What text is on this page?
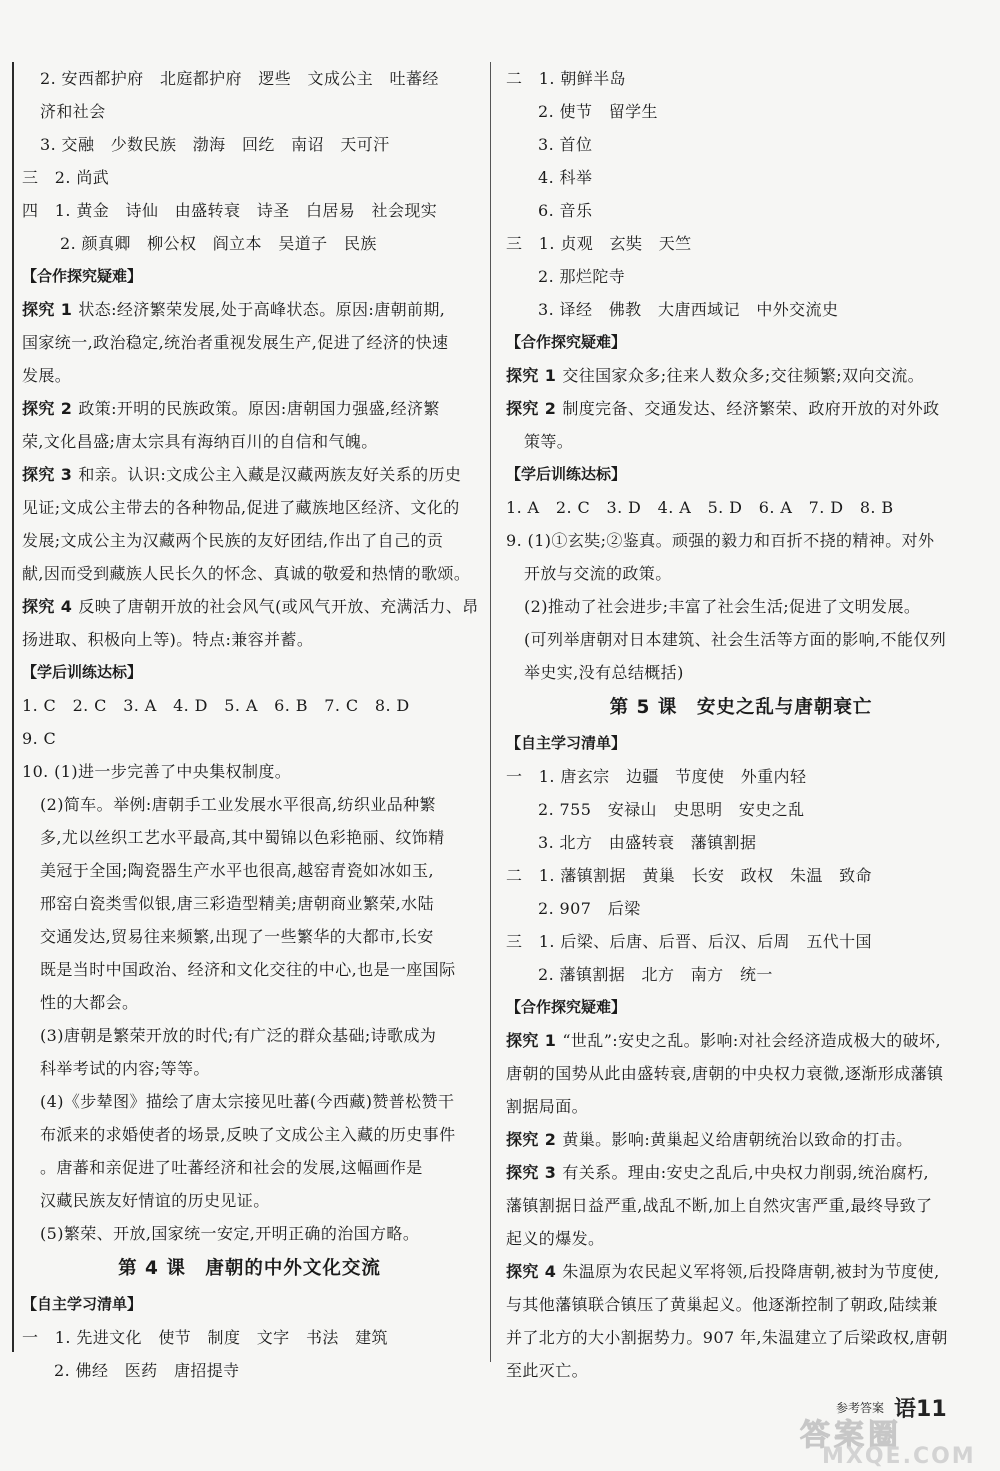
2. 安西都护府　北庭都护府　逻些　文成公主　吐蕃经
济和社会
3. 交融　少数民族　渤海　回纥　南诏　天可汗
三　2. 尚武
四　1. 黄金　诗仙　由盛转衰　诗圣　白居易　社会现实
2. 颜真卿　柳公权　阎立本　吴道子　民族
【合作探究疑难】
探究 1 状态:经济繁荣发展,处于高峰状态。原因:唐朝前期,
国家统一,政治稳定,统治者重视发展生产,促进了经济的快速
发展。
探究 2 政策:开明的民族政策。原因:唐朝国力强盛,经济繁
荣,文化昌盛;唐太宗具有海纳百川的自信和气魄。
探究 3 和亲。认识:文成公主入藏是汉藏两族友好关系的历史
见证;文成公主带去的各种物品,促进了藏族地区经济、文化的
发展;文成公主为汉藏两个民族的友好团结,作出了自己的贡
献,因而受到藏族人民长久的怀念、真诚的敬爱和热情的歌颂。
探究 4 反映了唐朝开放的社会风气(或风气开放、充满活力、昂
扬进取、积极向上等)。特点:兼容并蓄。
【学后训练达标】
1. C　2. C　3. A　4. D　5. A　6. B　7. C　8. D
9. C
10. (1)进一步完善了中央集权制度。
(2)简车。举例:唐朝手工业发展水平很高,纺织业品种繁
多,尤以丝织工艺水平最高,其中蜀锦以色彩艳丽、纹饰精
美冠于全国;陶瓷器生产水平也很高,越窑青瓷如冰如玉,
邢窑白瓷类雪似银,唐三彩造型精美;唐朝商业繁荣,水陆
交通发达,贸易往来频繁,出现了一些繁华的大都市,长安
既是当时中国政治、经济和文化交往的中心,也是一座国际
性的大都会。
(3)唐朝是繁荣开放的时代;有广泛的群众基础;诗歌成为
科举考试的内容;等等。
(4)《步辇图》描绘了唐太宗接见吐蕃(今西藏)赞普松赞干
布派来的求婚使者的场景,反映了文成公主入藏的历史事件
。唐蕃和亲促进了吐蕃经济和社会的发展,这幅画作是
汉藏民族友好情谊的历史见证。
(5)繁荣、开放,国家统一安定,开明正确的治国方略。
第 4 课　唐朝的中外文化交流
【自主学习清单】
一　1. 先进文化　使节　制度　文字　书法　建筑
2. 佛经　医药　唐招提寺
二　1. 朝鲜半岛
2. 使节　留学生
3. 首位
4. 科举
6. 音乐
三　1. 贞观　玄奘　天竺
2. 那烂陀寺
3. 译经　佛教　大唐西域记　中外交流史
【合作探究疑难】
探究 1 交往国家众多;往来人数众多;交往频繁;双向交流。
探究 2 制度完备、交通发达、经济繁荣、政府开放的对外政
策等。
【学后训练达标】
1. A　2. C　3. D　4. A　5. D　6. A　7. D　8. B
9. (1)①玄奘;②鉴真。顽强的毅力和百折不挠的精神。对外
开放与交流的政策。
(2)推动了社会进步;丰富了社会生活;促进了文明发展。
(可列举唐朝对日本建筑、社会生活等方面的影响,不能仅列
举史实,没有总结概括)
第 5 课　安史之乱与唐朝衰亡
【自主学习清单】
一　1. 唐玄宗　边疆　节度使　外重内轻
2. 755　安禄山　史思明　安史之乱
3. 北方　由盛转衰　藩镇割据
二　1. 藩镇割据　黄巢　长安　政权　朱温　致命
2. 907　后梁
三　1. 后梁、后唐、后晋、后汉、后周　五代十国
2. 藩镇割据　北方　南方　统一
【合作探究疑难】
探究 1 “世乱”:安史之乱。影响:对社会经济造成极大的破坏,
唐朝的国势从此由盛转衰,唐朝的中央权力衰微,逐渐形成藩镇
割据局面。
探究 2 黄巢。影响:黄巢起义给唐朝统治以致命的打击。
探究 3 有关系。理由:安史之乱后,中央权力削弱,统治腐朽,
藩镇割据日益严重,战乱不断,加上自然灾害严重,最终导致了
起义的爆发。
探究 4 朱温原为农民起义军将领,后投降唐朝,被封为节度使,
与其他藩镇联合镇压了黄巢起义。他逐渐控制了朝政,陆续兼
并了北方的大小割据势力。907 年,朱温建立了后梁政权,唐朝
至此灭亡。
参考答案 语11
答案圈
MXQE.COM
